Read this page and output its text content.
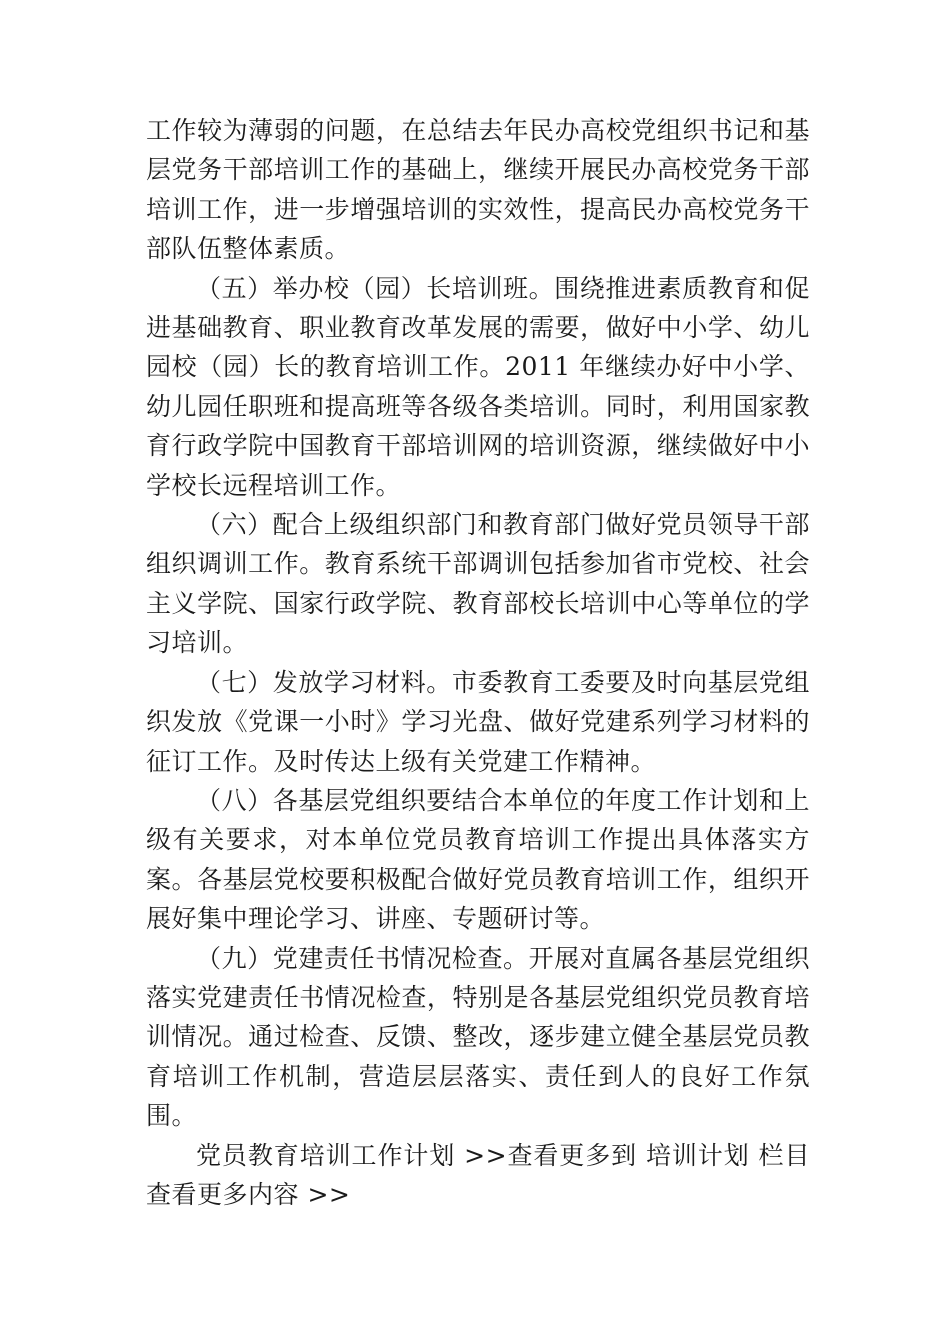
工作较为薄弱的问题，在总结去年民办高校党组织书记和基层党务干部培训工作的基础上，继续开展民办高校党务干部培训工作，进一步增强培训的实效性，提高民办高校党务干部队伍整体素质。

（五）举办校（园）长培训班。围绕推进素质教育和促进基础教育、职业教育改革发展的需要，做好中小学、幼儿园校（园）长的教育培训工作。2011 年继续办好中小学、幼儿园任职班和提高班等各级各类培训。同时，利用国家教育行政学院中国教育干部培训网的培训资源，继续做好中小学校长远程培训工作。

（六）配合上级组织部门和教育部门做好党员领导干部组织调训工作。教育系统干部调训包括参加省市党校、社会主义学院、国家行政学院、教育部校长培训中心等单位的学习培训。

（七）发放学习材料。市委教育工委要及时向基层党组织发放《党课一小时》学习光盘、做好党建系列学习材料的征订工作。及时传达上级有关党建工作精神。

（八）各基层党组织要结合本单位的年度工作计划和上级有关要求，对本单位党员教育培训工作提出具体落实方案。各基层党校要积极配合做好党员教育培训工作，组织开展好集中理论学习、讲座、专题研讨等。

（九）党建责任书情况检查。开展对直属各基层党组织落实党建责任书情况检查，特别是各基层党组织党员教育培训情况。通过检查、反馈、整改，逐步建立健全基层党员教育培训工作机制，营造层层落实、责任到人的良好工作氛围。

党员教育培训工作计划 >>查看更多到 培训计划 栏目 查看更多内容 >>
